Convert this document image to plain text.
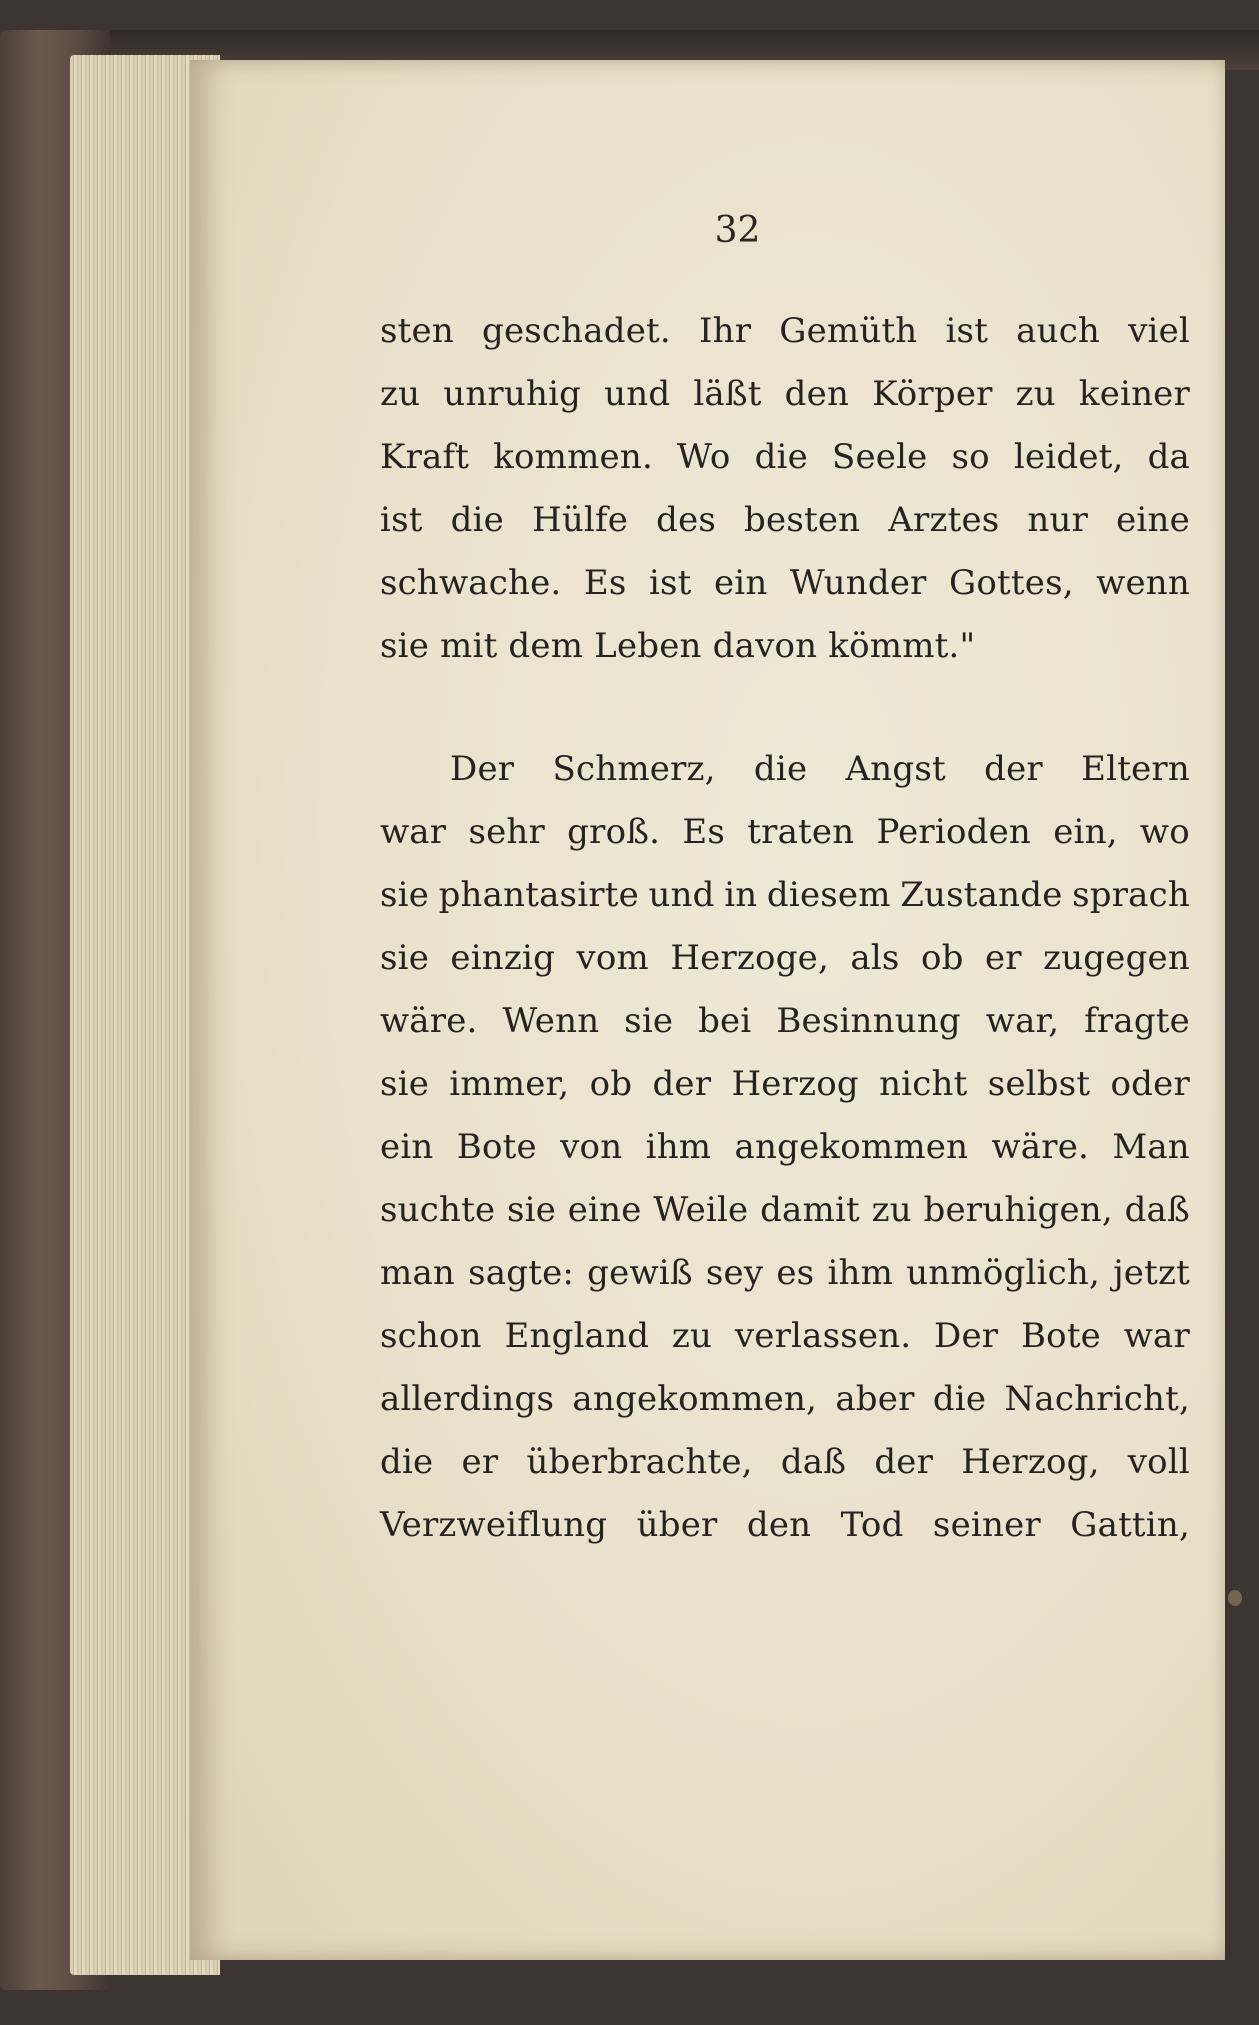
32
sten geschadet. Ihr Gemüth ist auch viel
zu unruhig und läßt den Körper zu keiner
Kraft kommen. Wo die Seele so leidet, da
ist die Hülfe des besten Arztes nur eine
schwache. Es ist ein Wunder Gottes, wenn
sie mit dem Leben davon kömmt."
Der Schmerz, die Angst der Eltern
war sehr groß. Es traten Perioden ein, wo
sie phantasirte und in diesem Zustande sprach
sie einzig vom Herzoge, als ob er zugegen
wäre. Wenn sie bei Besinnung war, fragte
sie immer, ob der Herzog nicht selbst oder
ein Bote von ihm angekommen wäre. Man
suchte sie eine Weile damit zu beruhigen, daß
man sagte: gewiß sey es ihm unmöglich, jetzt
schon England zu verlassen. Der Bote war
allerdings angekommen, aber die Nachricht,
die er überbrachte, daß der Herzog, voll
Verzweiflung über den Tod seiner Gattin,
